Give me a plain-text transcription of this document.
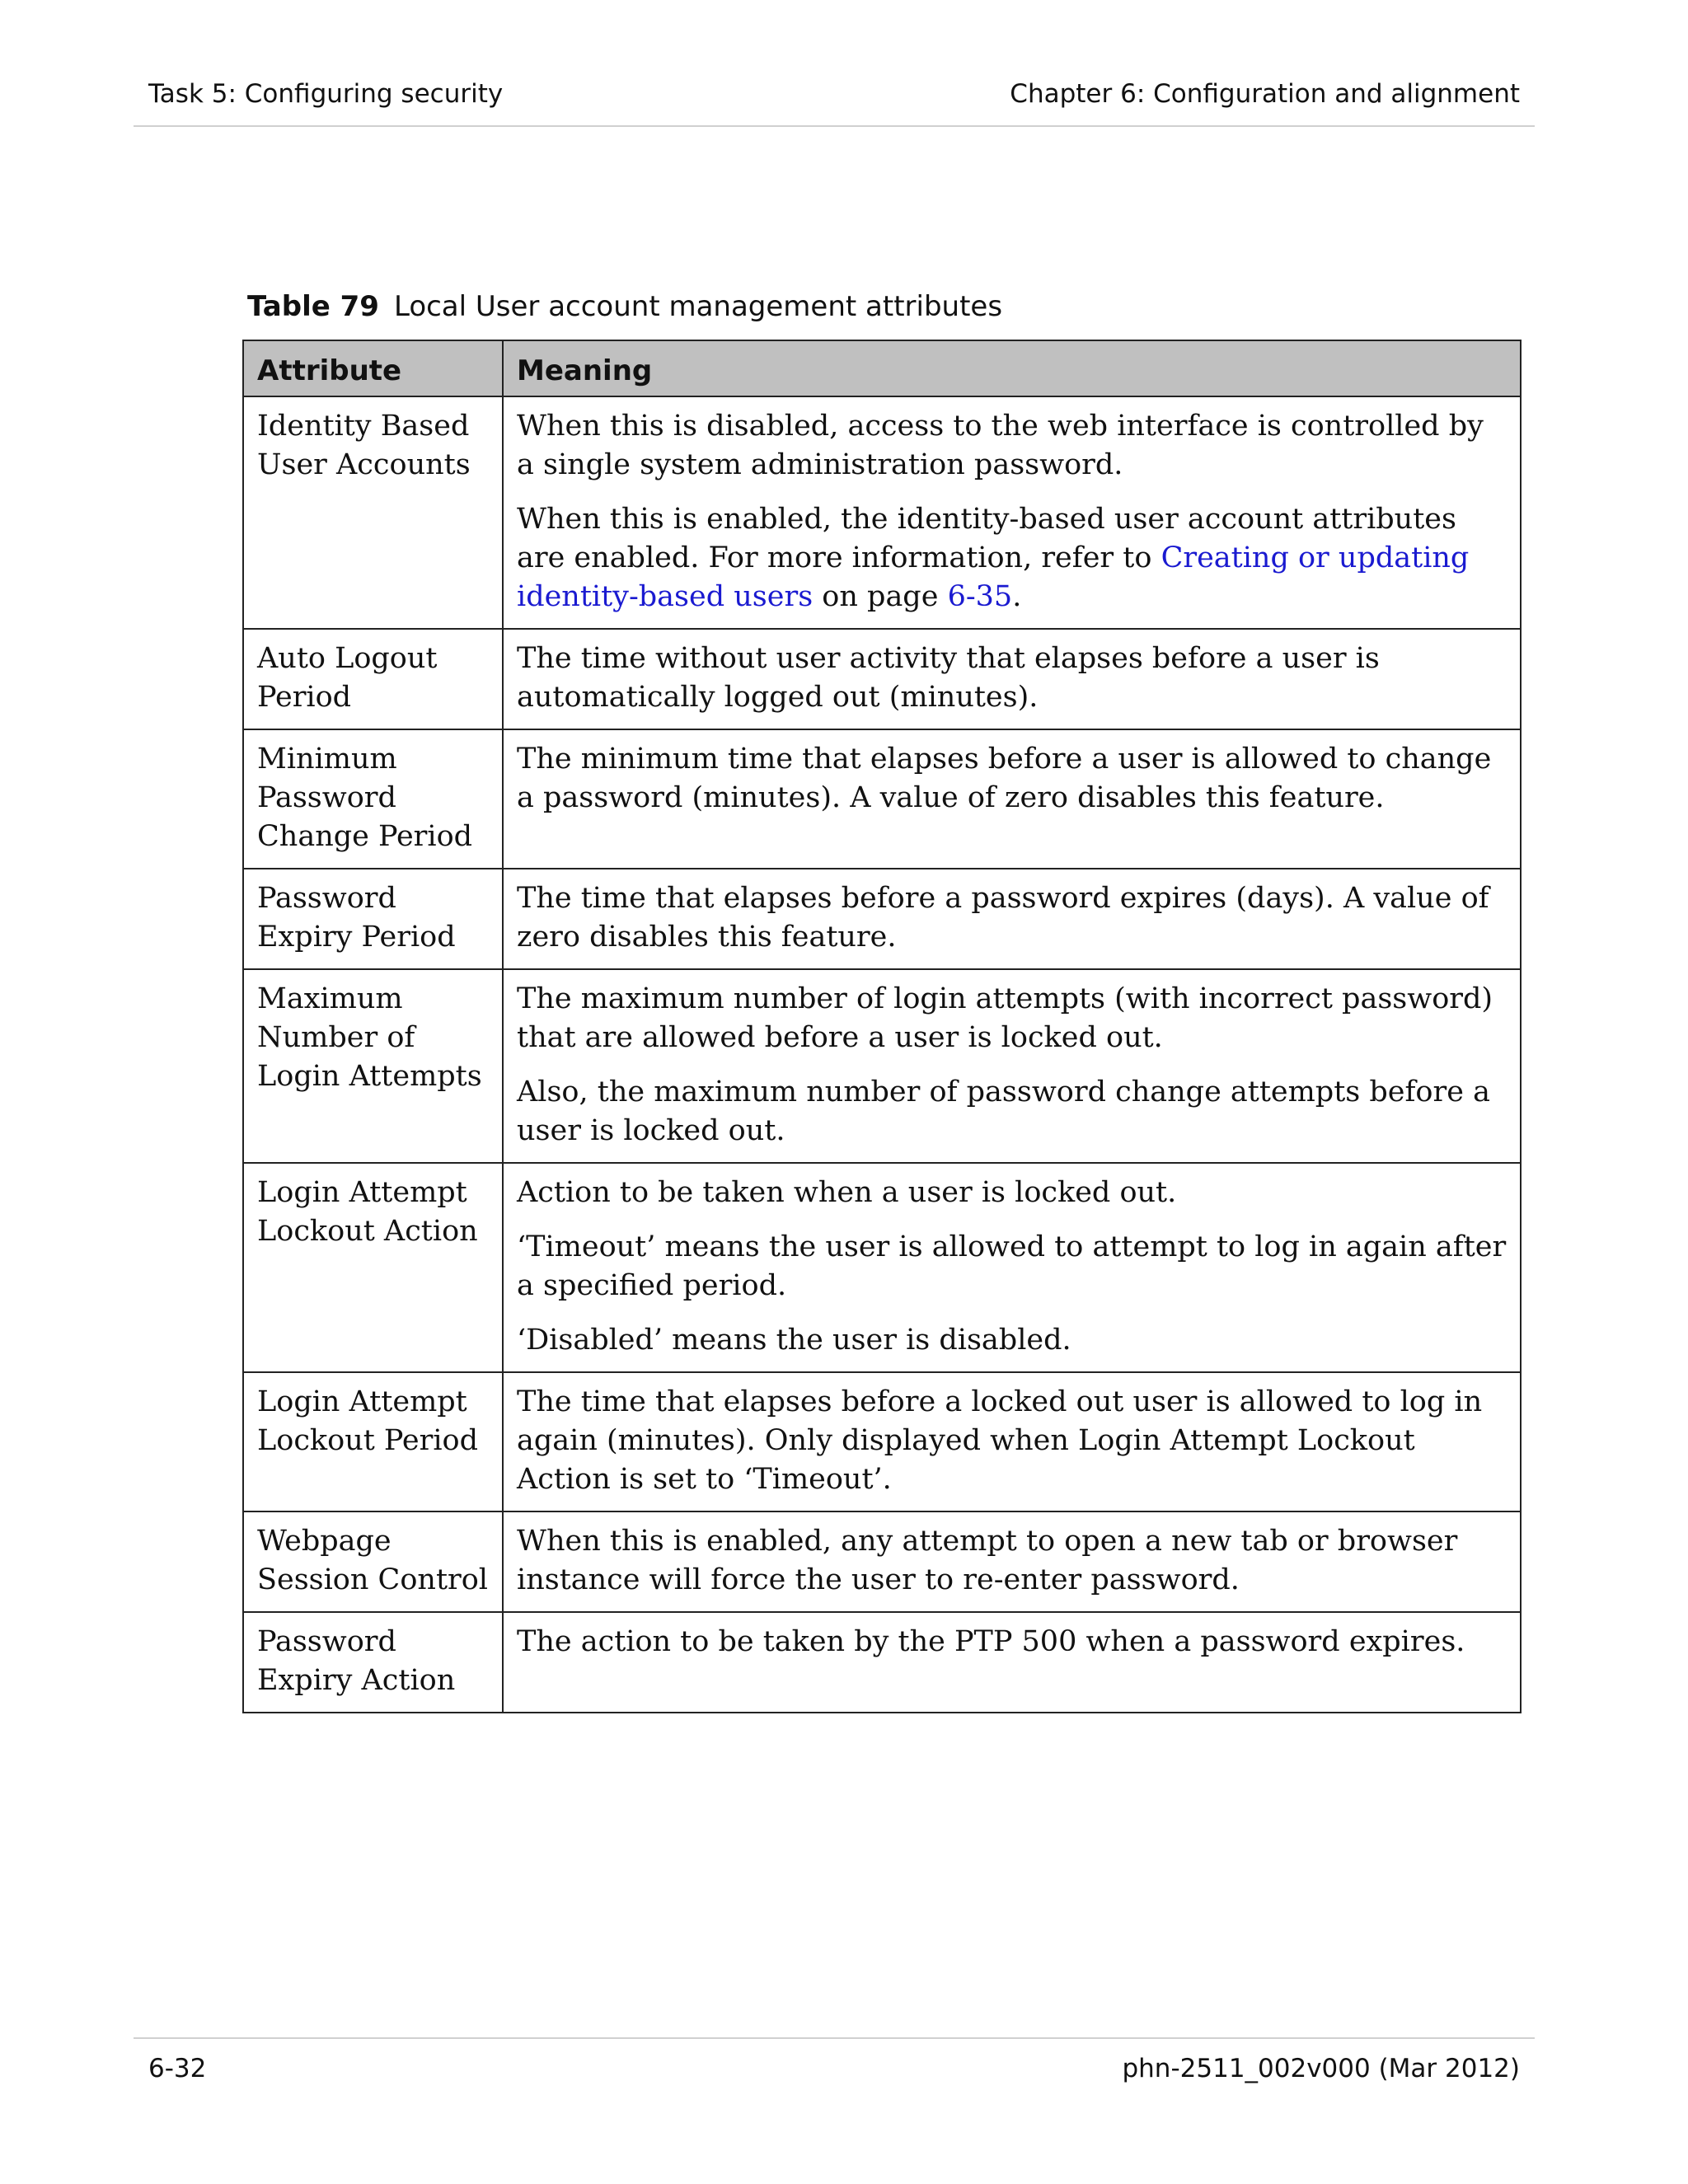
Task 5: Configuring security	Chapter 6: Configuration and alignment
Table 79 Local User account management attributes
Attribute	Meaning
Identity Based User Accounts	When this is disabled, access to the web interface is controlled by a single system administration password.

When this is enabled, the identity-based user account attributes are enabled. For more information, refer to Creating or updating identity-based users on page 6-35.

Auto Logout Period	The time without user activity that elapses before a user is automatically logged out (minutes).

Minimum Password Change Period	The minimum time that elapses before a user is allowed to change a password (minutes). A value of zero disables this feature.

Password Expiry Period	The time that elapses before a password expires (days). A value of zero disables this feature.

Maximum Number of Login Attempts	The maximum number of login attempts (with incorrect password) that are allowed before a user is locked out.

Also, the maximum number of password change attempts before a user is locked out.

Login Attempt Lockout Action	Action to be taken when a user is locked out.

‘Timeout’ means the user is allowed to attempt to log in again after a specified period.

‘Disabled’ means the user is disabled.

Login Attempt Lockout Period	The time that elapses before a locked out user is allowed to log in again (minutes). Only displayed when Login Attempt Lockout Action is set to ‘Timeout’.

Webpage Session Control	When this is enabled, any attempt to open a new tab or browser instance will force the user to re-enter password.

Password Expiry Action	The action to be taken by the PTP 500 when a password expires.

6-32	phn-2511_002v000 (Mar 2012)
